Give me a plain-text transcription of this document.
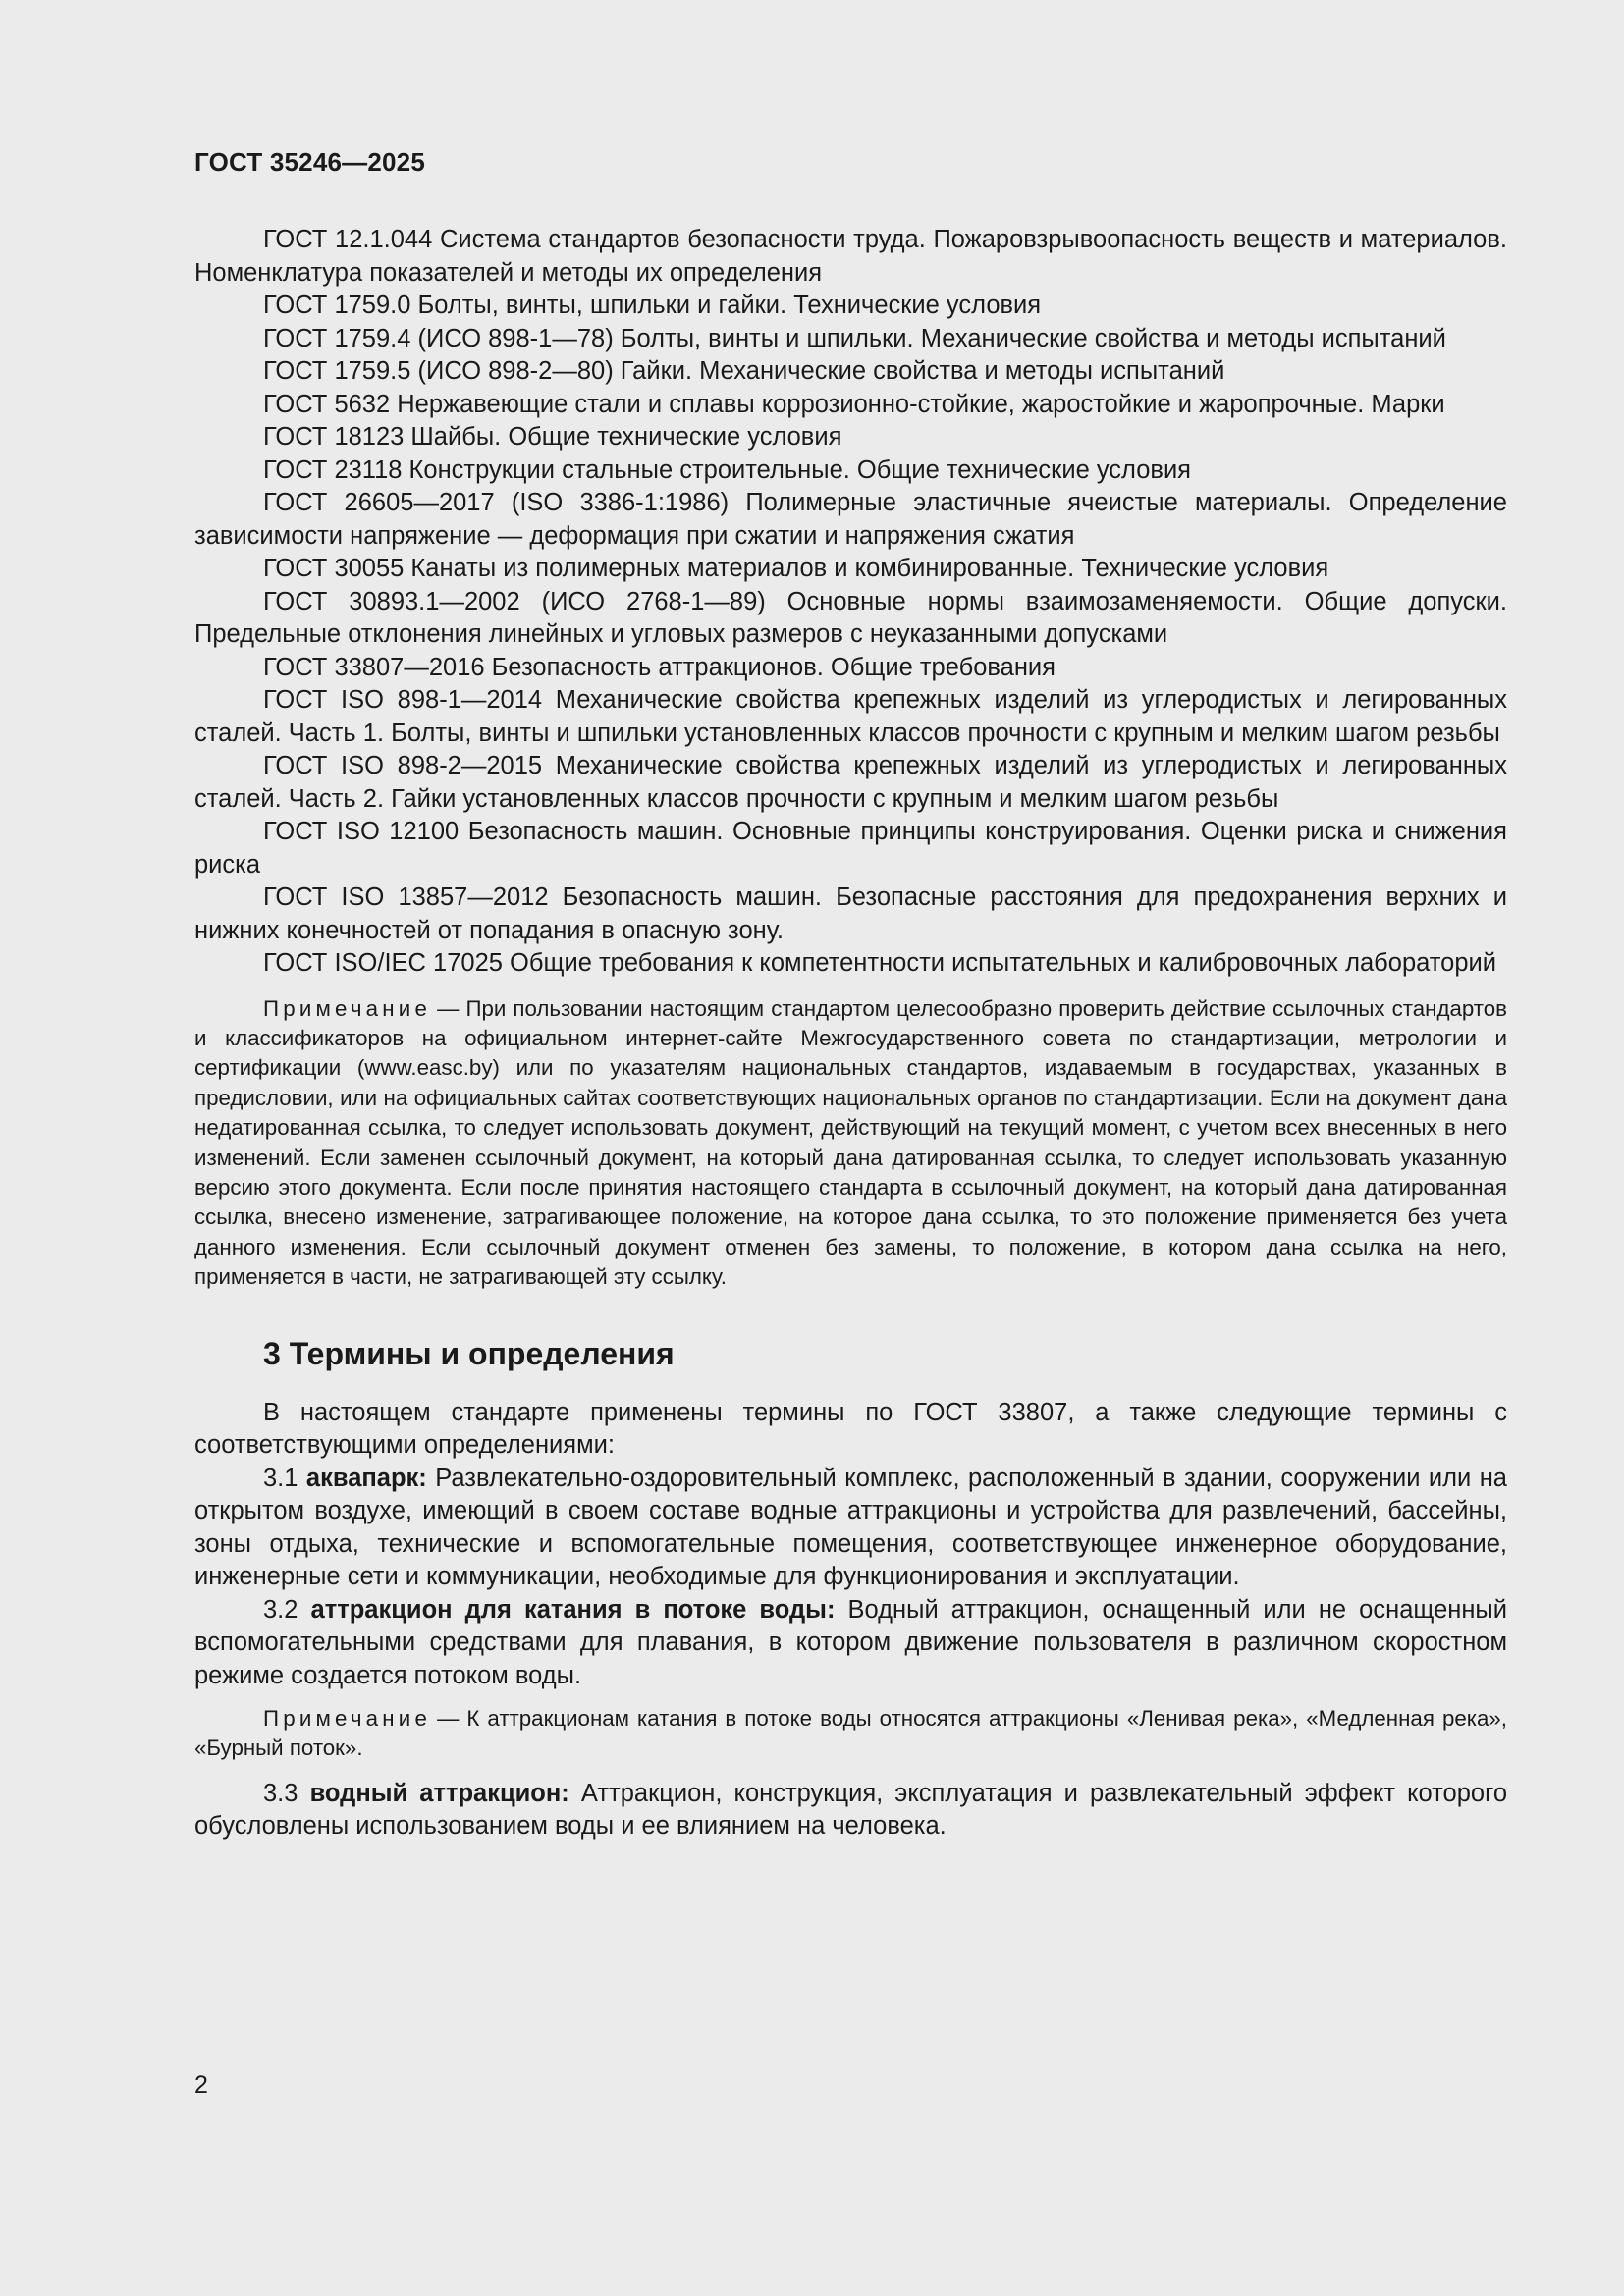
ГОСТ 35246—2025

ГОСТ 12.1.044 Система стандартов безопасности труда. Пожаровзрывоопасность веществ и материалов. Номенклатура показателей и методы их определения

ГОСТ 1759.0 Болты, винты, шпильки и гайки. Технические условия

ГОСТ 1759.4 (ИСО 898-1—78) Болты, винты и шпильки. Механические свойства и методы испытаний

ГОСТ 1759.5 (ИСО 898-2—80) Гайки. Механические свойства и методы испытаний

ГОСТ 5632 Нержавеющие стали и сплавы коррозионно-стойкие, жаростойкие и жаропрочные. Марки

ГОСТ 18123 Шайбы. Общие технические условия

ГОСТ 23118 Конструкции стальные строительные. Общие технические условия

ГОСТ 26605—2017 (ISO 3386-1:1986) Полимерные эластичные ячеистые материалы. Определение зависимости напряжение — деформация при сжатии и напряжения сжатия

ГОСТ 30055 Канаты из полимерных материалов и комбинированные. Технические условия

ГОСТ 30893.1—2002 (ИСО 2768-1—89) Основные нормы взаимозаменяемости. Общие допуски. Предельные отклонения линейных и угловых размеров с неуказанными допусками

ГОСТ 33807—2016 Безопасность аттракционов. Общие требования

ГОСТ ISO 898-1—2014 Механические свойства крепежных изделий из углеродистых и легированных сталей. Часть 1. Болты, винты и шпильки установленных классов прочности с крупным и мелким шагом резьбы

ГОСТ ISO 898-2—2015 Механические свойства крепежных изделий из углеродистых и легированных сталей. Часть 2. Гайки установленных классов прочности с крупным и мелким шагом резьбы

ГОСТ ISO 12100 Безопасность машин. Основные принципы конструирования. Оценки риска и снижения риска

ГОСТ ISO 13857—2012 Безопасность машин. Безопасные расстояния для предохранения верхних и нижних конечностей от попадания в опасную зону.

ГОСТ ISO/IEC 17025 Общие требования к компетентности испытательных и калибровочных лабораторий

Примечание — При пользовании настоящим стандартом целесообразно проверить действие ссылочных стандартов и классификаторов на официальном интернет-сайте Межгосударственного совета по стандартизации, метрологии и сертификации (www.easc.by) или по указателям национальных стандартов, издаваемым в государствах, указанных в предисловии, или на официальных сайтах соответствующих национальных органов по стандартизации. Если на документ дана недатированная ссылка, то следует использовать документ, действующий на текущий момент, с учетом всех внесенных в него изменений. Если заменен ссылочный документ, на который дана датированная ссылка, то следует использовать указанную версию этого документа. Если после принятия настоящего стандарта в ссылочный документ, на который дана датированная ссылка, внесено изменение, затрагивающее положение, на которое дана ссылка, то это положение применяется без учета данного изменения. Если ссылочный документ отменен без замены, то положение, в котором дана ссылка на него, применяется в части, не затрагивающей эту ссылку.

3 Термины и определения

В настоящем стандарте применены термины по ГОСТ 33807, а также следующие термины с соответствующими определениями:

3.1 аквапарк: Развлекательно-оздоровительный комплекс, расположенный в здании, сооружении или на открытом воздухе, имеющий в своем составе водные аттракционы и устройства для развлечений, бассейны, зоны отдыха, технические и вспомогательные помещения, соответствующее инженерное оборудование, инженерные сети и коммуникации, необходимые для функционирования и эксплуатации.

3.2 аттракцион для катания в потоке воды: Водный аттракцион, оснащенный или не оснащенный вспомогательными средствами для плавания, в котором движение пользователя в различном скоростном режиме создается потоком воды.

Примечание — К аттракционам катания в потоке воды относятся аттракционы «Ленивая река», «Медленная река», «Бурный поток».

3.3 водный аттракцион: Аттракцион, конструкция, эксплуатация и развлекательный эффект которого обусловлены использованием воды и ее влиянием на человека.

2
